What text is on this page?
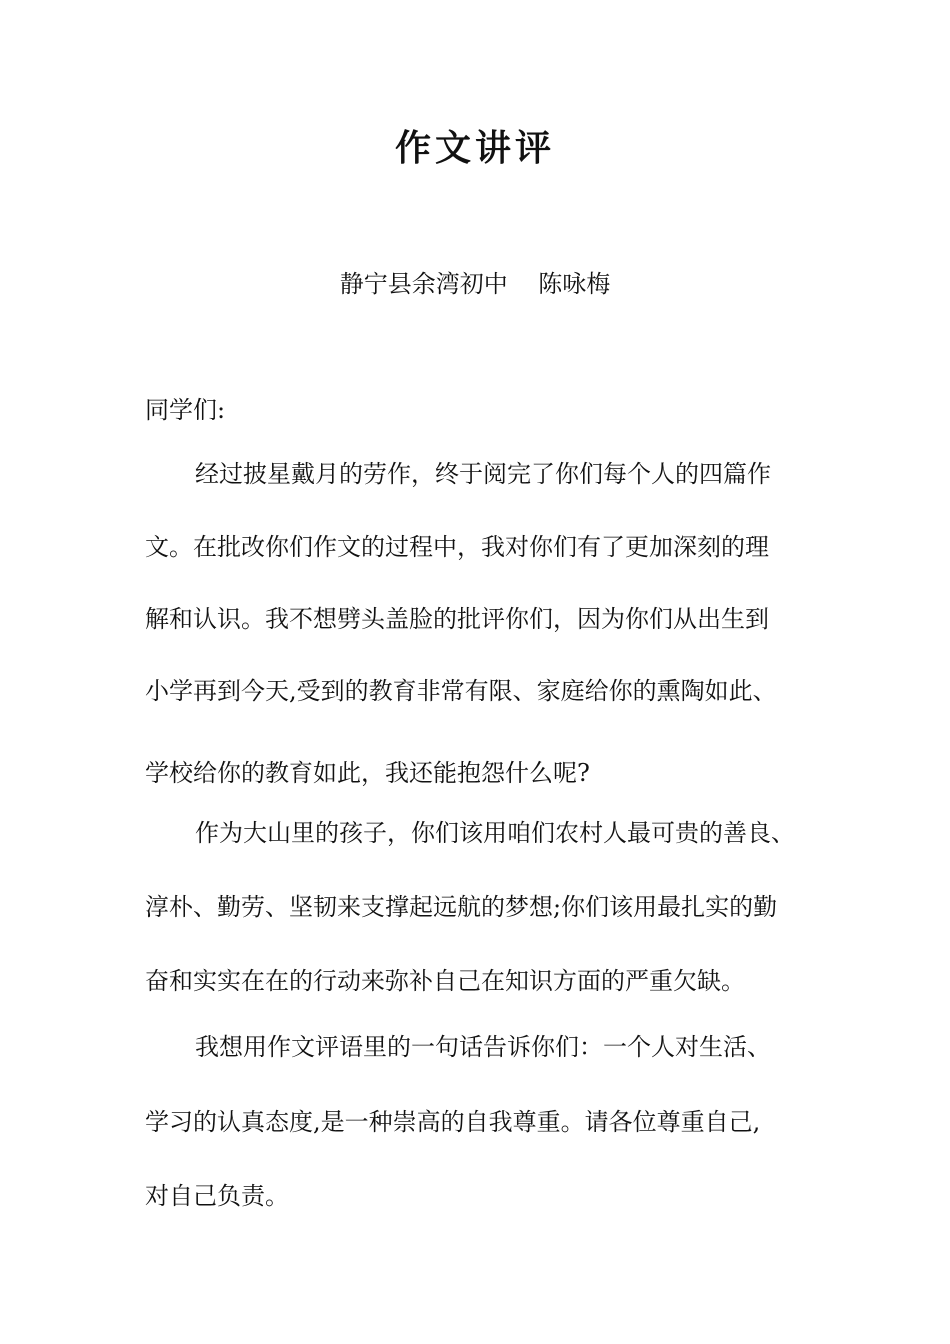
作文讲评
静宁县余湾初中    陈咏梅
同学们:
经过披星戴月的劳作，终于阅完了你们每个人的四篇作
文。在批改你们作文的过程中，我对你们有了更加深刻的理
解和认识。我不想劈头盖脸的批评你们，因为你们从出生到
小学再到今天,受到的教育非常有限、家庭给你的熏陶如此、
学校给你的教育如此，我还能抱怨什么呢?
作为大山里的孩子，你们该用咱们农村人最可贵的善良、
淳朴、勤劳、坚韧来支撑起远航的梦想;你们该用最扎实的勤
奋和实实在在的行动来弥补自己在知识方面的严重欠缺。
我想用作文评语里的一句话告诉你们：一个人对生活、
学习的认真态度,是一种崇高的自我尊重。请各位尊重自己,
对自己负责。
